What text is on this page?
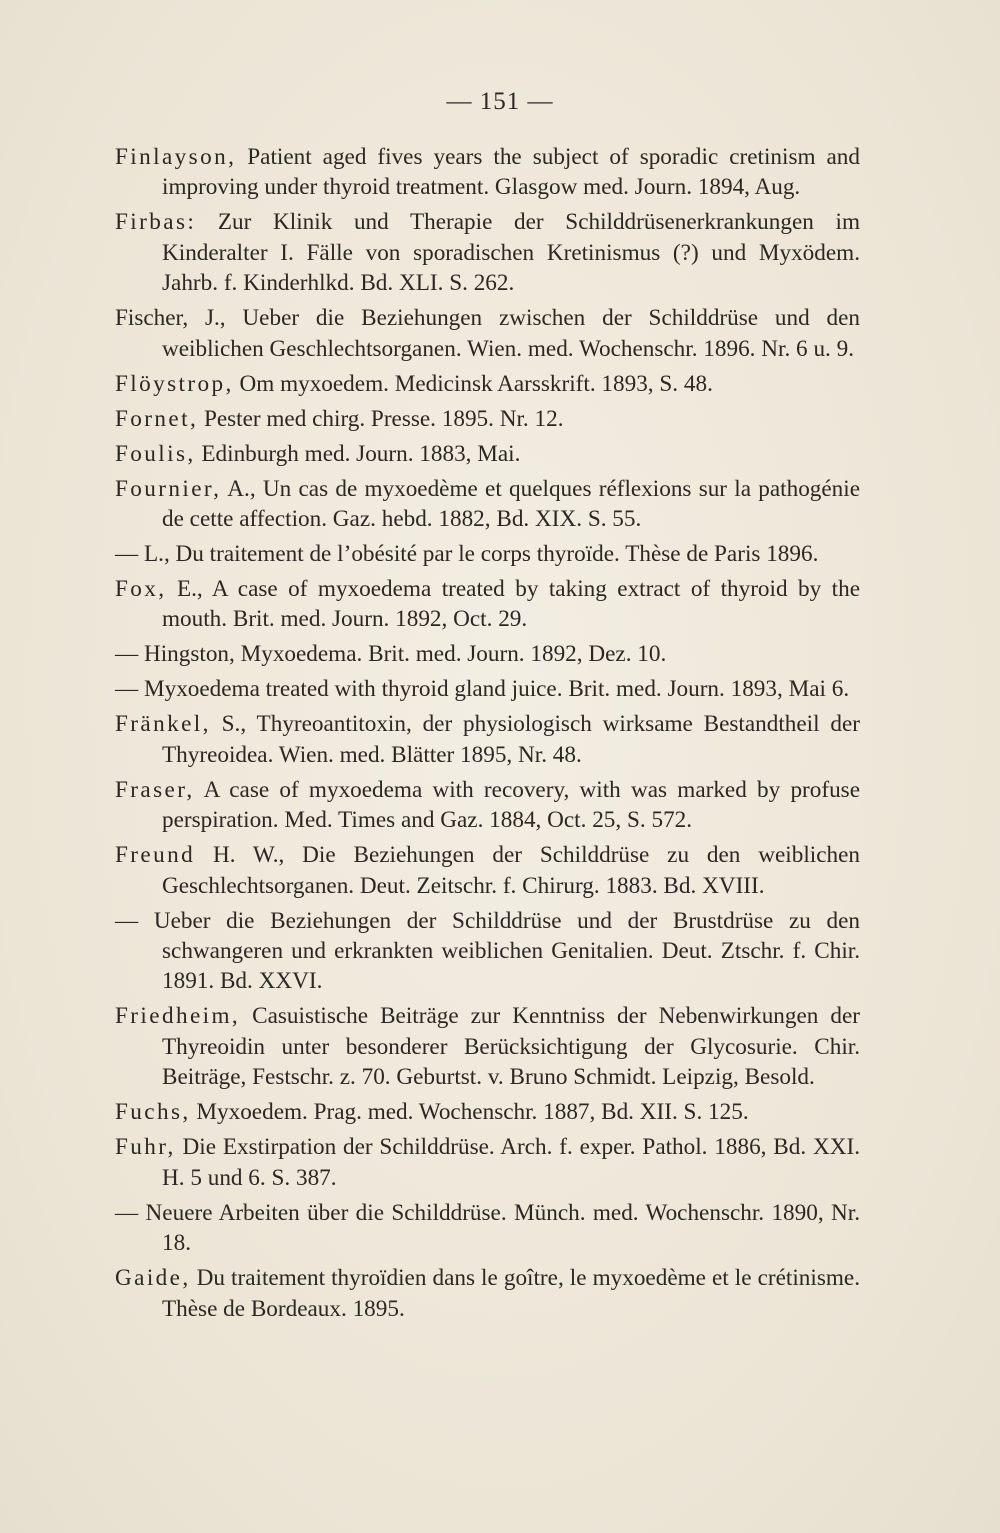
— 151 —

Finlayson, Patient aged fives years the subject of sporadic cretinism and improving under thyroid treatment. Glasgow med. Journ. 1894, Aug.

Firbas: Zur Klinik und Therapie der Schilddrüsenerkrankungen im Kinderalter I. Fälle von sporadischen Kretinismus (?) und Myxödem. Jahrb. f. Kinderhlkd. Bd. XLI. S. 262.

Fischer, J., Ueber die Beziehungen zwischen der Schilddrüse und den weiblichen Geschlechtsorganen. Wien. med. Wochenschr. 1896. Nr. 6 u. 9.

Flöystrop, Om myxoedem. Medicinsk Aarsskrift. 1893, S. 48.

Fornet, Pester med chirg. Presse. 1895. Nr. 12.

Foulis, Edinburgh med. Journ. 1883, Mai.

Fournier, A., Un cas de myxoedème et quelques réflexions sur la pathogénie de cette affection. Gaz. hebd. 1882, Bd. XIX. S. 55.

— L., Du traitement de l’obésité par le corps thyroïde. Thèse de Paris 1896.

Fox, E., A case of myxoedema treated by taking extract of thyroid by the mouth. Brit. med. Journ. 1892, Oct. 29.

— Hingston, Myxoedema. Brit. med. Journ. 1892, Dez. 10.

— Myxoedema treated with thyroid gland juice. Brit. med. Journ. 1893, Mai 6.

Fränkel, S., Thyreoantitoxin, der physiologisch wirksame Bestandtheil der Thyreoidea. Wien. med. Blätter 1895, Nr. 48.

Fraser, A case of myxoedema with recovery, with was marked by profuse perspiration. Med. Times and Gaz. 1884, Oct. 25, S. 572.

Freund H. W., Die Beziehungen der Schilddrüse zu den weiblichen Geschlechtsorganen. Deut. Zeitschr. f. Chirurg. 1883. Bd. XVIII.

— Ueber die Beziehungen der Schilddrüse und der Brustdrüse zu den schwangeren und erkrankten weiblichen Genitalien. Deut. Ztschr. f. Chir. 1891. Bd. XXVI.

Friedheim, Casuistische Beiträge zur Kenntniss der Nebenwirkungen der Thyreoidin unter besonderer Berücksichtigung der Glycosurie. Chir. Beiträge, Festschr. z. 70. Geburtst. v. Bruno Schmidt. Leipzig, Besold.

Fuchs, Myxoedem. Prag. med. Wochenschr. 1887, Bd. XII. S. 125.

Fuhr, Die Exstirpation der Schilddrüse. Arch. f. exper. Pathol. 1886, Bd. XXI. H. 5 und 6. S. 387.

— Neuere Arbeiten über die Schilddrüse. Münch. med. Wochenschr. 1890, Nr. 18.

Gaide, Du traitement thyroïdien dans le goître, le myxoedème et le crétinisme. Thèse de Bordeaux. 1895.
